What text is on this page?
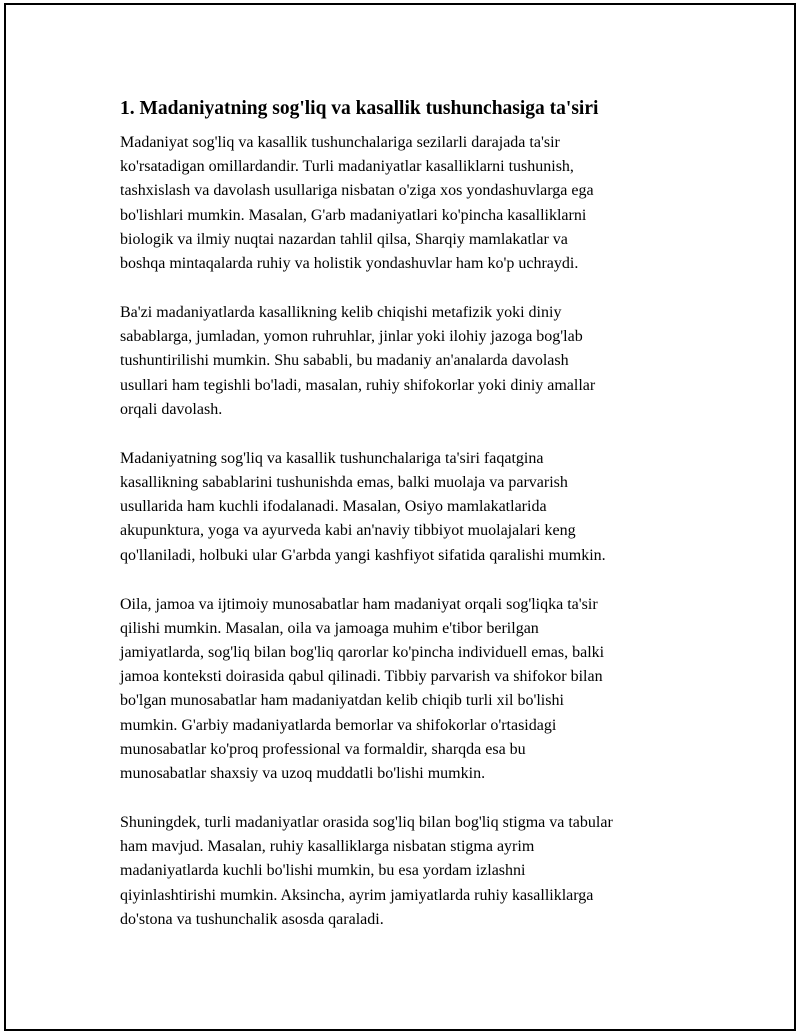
1. Madaniyatning sog'liq va kasallik tushunchasiga ta'siri
Madaniyat sog'liq va kasallik tushunchalariga sezilarli darajada ta'sir
ko'rsatadigan omillardandir. Turli madaniyatlar kasalliklarni tushunish,
tashxislash va davolash usullariga nisbatan o'ziga xos yondashuvlarga ega
bo'lishlari mumkin. Masalan, G'arb madaniyatlari ko'pincha kasalliklarni
biologik va ilmiy nuqtai nazardan tahlil qilsa, Sharqiy mamlakatlar va
boshqa mintaqalarda ruhiy va holistik yondashuvlar ham ko'p uchraydi.
Ba'zi madaniyatlarda kasallikning kelib chiqishi metafizik yoki diniy
sabablarga, jumladan, yomon ruhruhlar, jinlar yoki ilohiy jazoga bog'lab
tushuntirilishi mumkin. Shu sababli, bu madaniy an'analarda davolash
usullari ham tegishli bo'ladi, masalan, ruhiy shifokorlar yoki diniy amallar
orqali davolash.
Madaniyatning sog'liq va kasallik tushunchalariga ta'siri faqatgina
kasallikning sabablarini tushunishda emas, balki muolaja va parvarish
usullarida ham kuchli ifodalanadi. Masalan, Osiyo mamlakatlarida
akupunktura, yoga va ayurveda kabi an'naviy tibbiyot muolajalari keng
qo'llaniladi, holbuki ular G'arbda yangi kashfiyot sifatida qaralishi mumkin.
Oila, jamoa va ijtimoiy munosabatlar ham madaniyat orqali sog'liqka ta'sir
qilishi mumkin. Masalan, oila va jamoaga muhim e'tibor berilgan
jamiyatlarda, sog'liq bilan bog'liq qarorlar ko'pincha individuell emas, balki
jamoa konteksti doirasida qabul qilinadi. Tibbiy parvarish va shifokor bilan
bo'lgan munosabatlar ham madaniyatdan kelib chiqib turli xil bo'lishi
mumkin. G'arbiy madaniyatlarda bemorlar va shifokorlar o'rtasidagi
munosabatlar ko'proq professional va formaldir, sharqda esa bu
munosabatlar shaxsiy va uzoq muddatli bo'lishi mumkin.
Shuningdek, turli madaniyatlar orasida sog'liq bilan bog'liq stigma va tabular
ham mavjud. Masalan, ruhiy kasalliklarga nisbatan stigma ayrim
madaniyatlarda kuchli bo'lishi mumkin, bu esa yordam izlashni
qiyinlashtirishi mumkin. Aksincha, ayrim jamiyatlarda ruhiy kasalliklarga
do'stona va tushunchalik asosda qaraladi.
